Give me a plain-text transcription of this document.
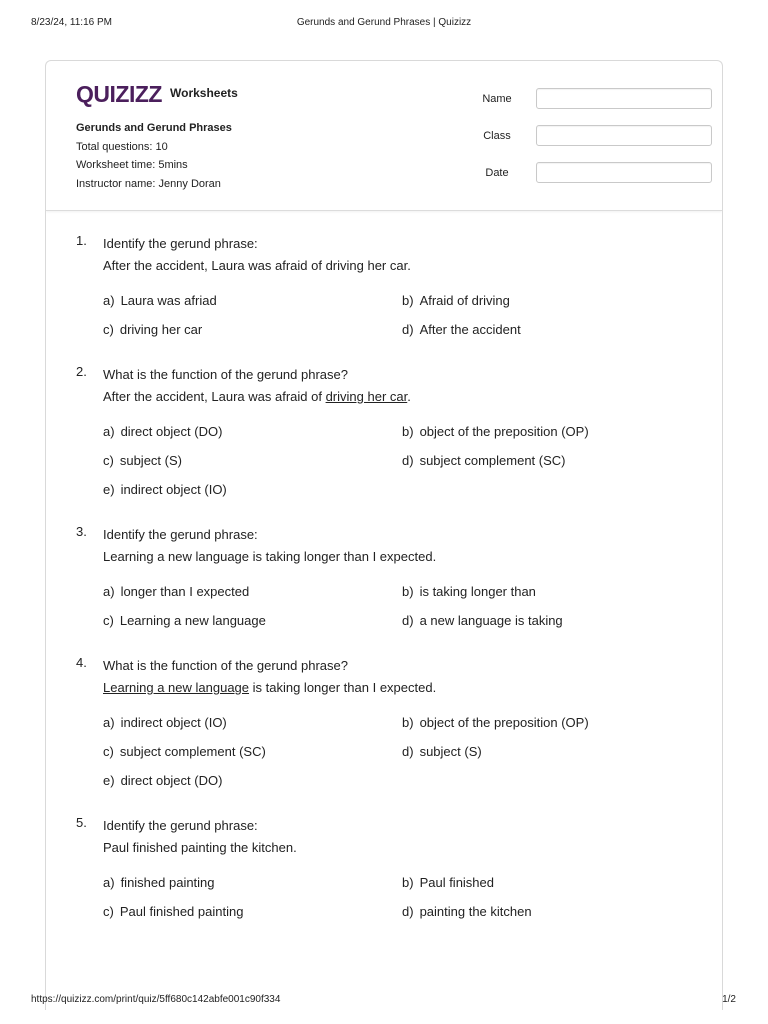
8/23/24, 11:16 PM	Gerunds and Gerund Phrases | Quizizz
QUIZIZZ Worksheets
Gerunds and Gerund Phrases
Total questions: 10
Worksheet time: 5mins
Instructor name: Jenny Doran
Name
Class
Date
1.	Identify the gerund phrase:
After the accident, Laura was afraid of driving her car.
a) Laura was afriad	b) Afraid of driving
c) driving her car	d) After the accident
2.	What is the function of the gerund phrase?
After the accident, Laura was afraid of driving her car.
a) direct object (DO)	b) object of the preposition (OP)
c) subject (S)	d) subject complement (SC)
e) indirect object (IO)
3.	Identify the gerund phrase:
Learning a new language is taking longer than I expected.
a) longer than I expected	b) is taking longer than
c) Learning a new language	d) a new language is taking
4.	What is the function of the gerund phrase?
Learning a new language is taking longer than I expected.
a) indirect object (IO)	b) object of the preposition (OP)
c) subject complement (SC)	d) subject (S)
e) direct object (DO)
5.	Identify the gerund phrase:
Paul finished painting the kitchen.
a) finished painting	b) Paul finished
c) Paul finished painting	d) painting the kitchen
https://quizizz.com/print/quiz/5ff680c142abfe001c90f334	1/2
